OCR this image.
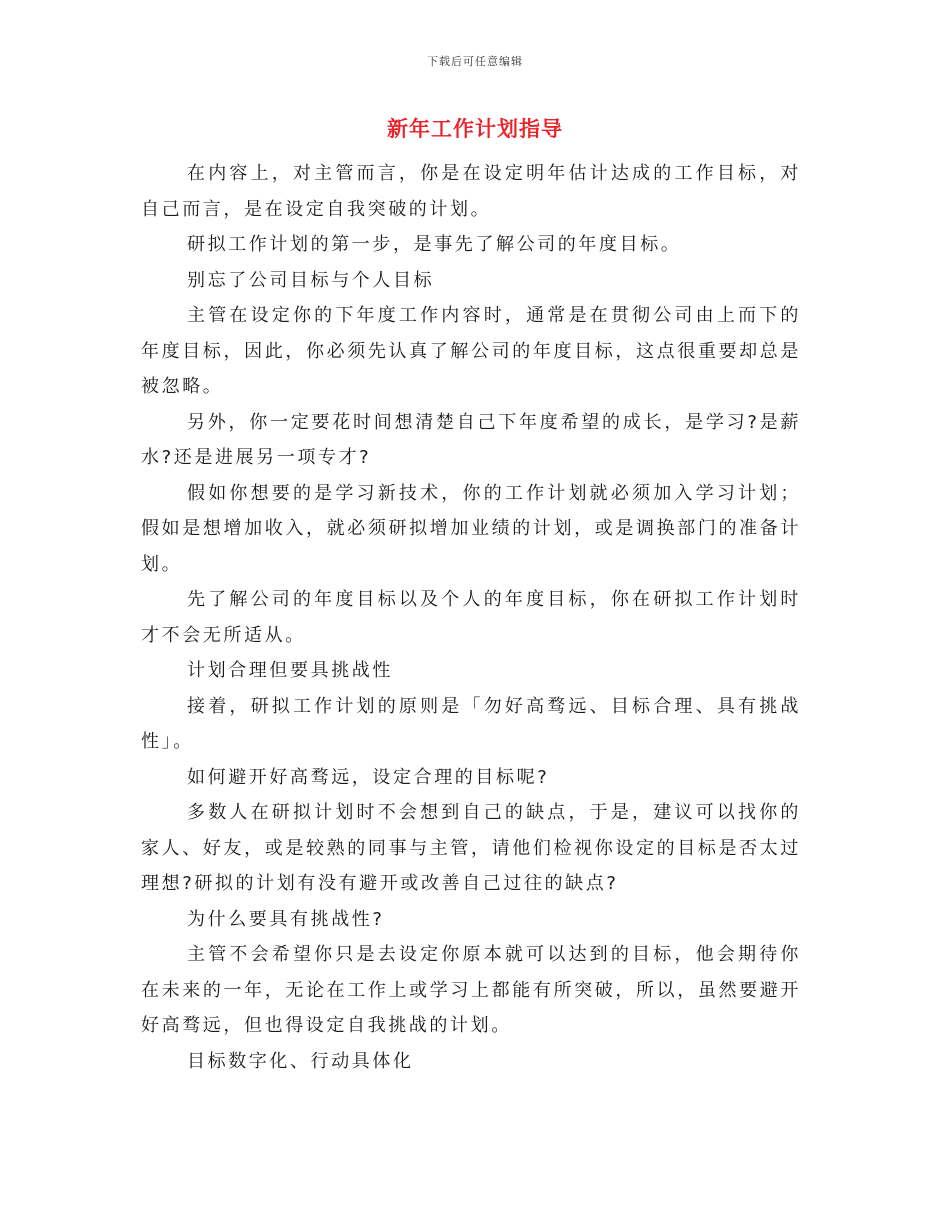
下载后可任意编辑
新年工作计划指导

在内容上，对主管而言，你是在设定明年估计达成的工作目标，对自己而言，是在设定自我突破的计划。

研拟工作计划的第一步，是事先了解公司的年度目标。

别忘了公司目标与个人目标

主管在设定你的下年度工作内容时，通常是在贯彻公司由上而下的年度目标，因此，你必须先认真了解公司的年度目标，这点很重要却总是被忽略。

另外，你一定要花时间想清楚自己下年度希望的成长，是学习?是薪水?还是进展另一项专才?

假如你想要的是学习新技术，你的工作计划就必须加入学习计划；假如是想增加收入，就必须研拟增加业绩的计划，或是调换部门的准备计划。

先了解公司的年度目标以及个人的年度目标，你在研拟工作计划时才不会无所适从。

计划合理但要具挑战性

接着，研拟工作计划的原则是「勿好高骛远、目标合理、具有挑战性」。

如何避开好高骛远，设定合理的目标呢?

多数人在研拟计划时不会想到自己的缺点，于是，建议可以找你的家人、好友，或是较熟的同事与主管，请他们检视你设定的目标是否太过理想?研拟的计划有没有避开或改善自己过往的缺点?

为什么要具有挑战性?

主管不会希望你只是去设定你原本就可以达到的目标，他会期待你在未来的一年，无论在工作上或学习上都能有所突破，所以，虽然要避开好高骛远，但也得设定自我挑战的计划。

目标数字化、行动具体化
